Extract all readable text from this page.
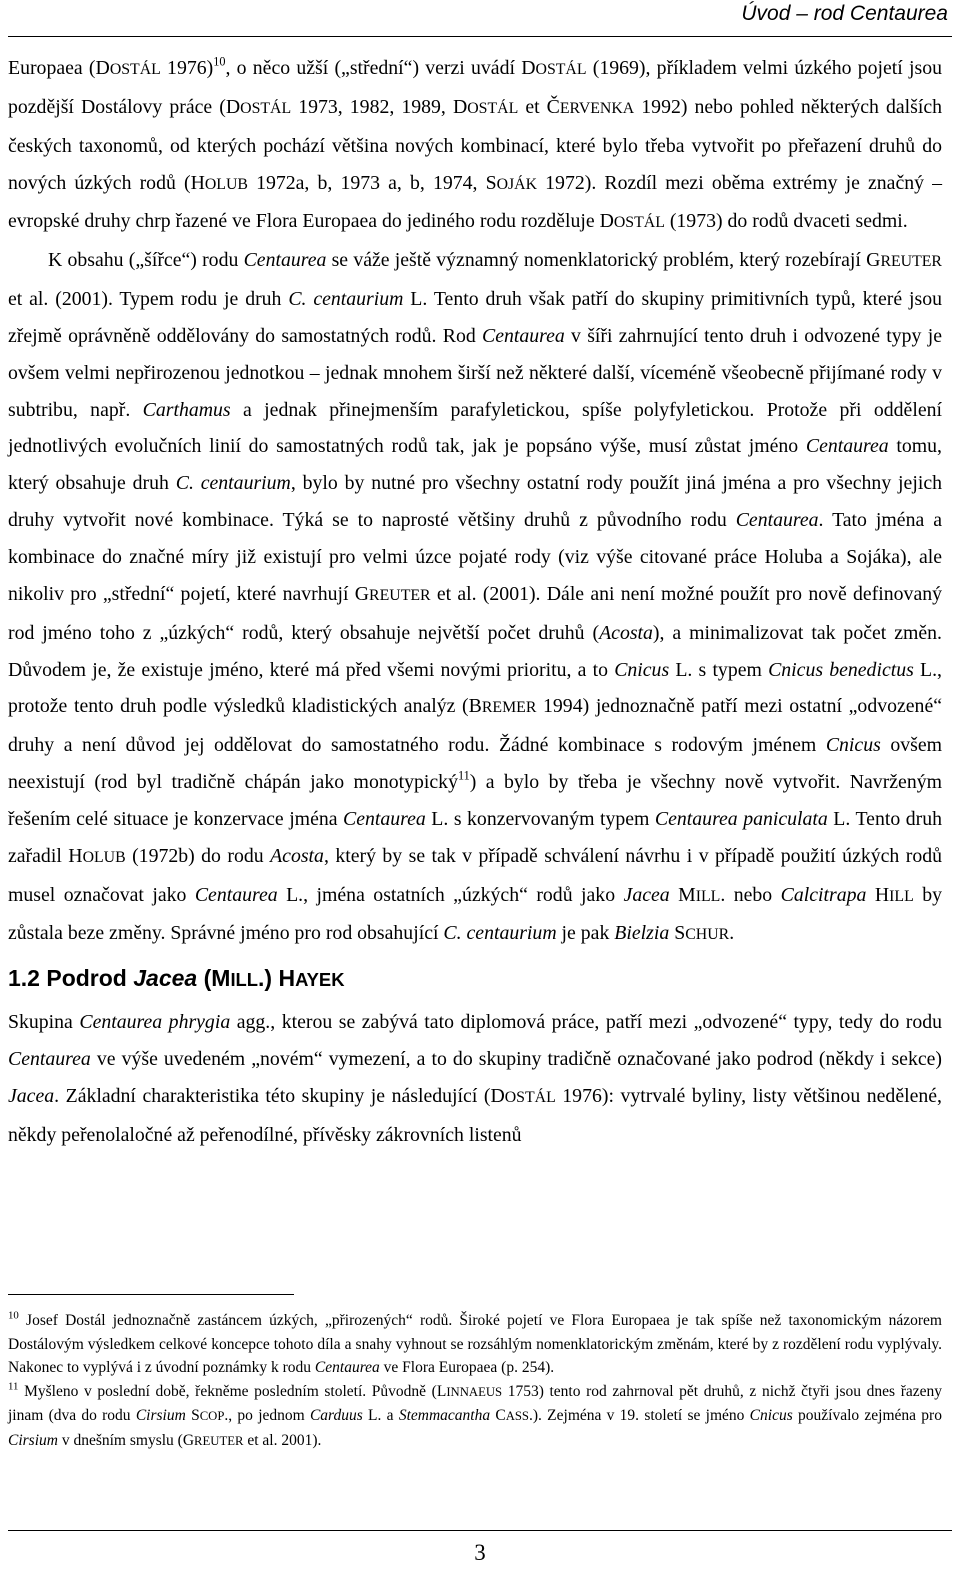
Úvod – rod Centaurea

Europaea (DOSTÁL 1976)$^{10}$, o něco užší („střední“) verzi uvádí DOSTÁL (1969), příkladem velmi úzkého pojetí jsou pozdější Dostálovy práce (DOSTÁL 1973, 1982, 1989, DOSTÁL et ČERVENKA 1992) nebo pohled některých dalších českých taxonomů, od kterých pochází většina nových kombinací, které bylo třeba vytvořit po přeřazení druhů do nových úzkých rodů (HOLUB 1972a, b, 1973 a, b, 1974, SOJÁK 1972). Rozdíl mezi oběma extrémy je značný – evropské druhy chrp řazené ve Flora Europaea do jediného rodu rozděluje DOSTÁL (1973) do rodů dvaceti sedmi.

K obsahu („šířce“) rodu Centaurea se váže ještě významný nomenklatorický problém, který rozebírají GREUTER et al. (2001). Typem rodu je druh C. centaurium L. Tento druh však patří do skupiny primitivních typů, které jsou zřejmě oprávněně oddělovány do samostatných rodů. Rod Centaurea v šíři zahrnující tento druh i odvozené typy je ovšem velmi nepřirozenou jednotkou – jednak mnohem širší než některé další, víceméně všeobecně přijímané rody v subtribu, např. Carthamus a jednak přinejmenším parafyletickou, spíše polyfyletickou. Protože při oddělení jednotlivých evolučních linií do samostatných rodů tak, jak je popsáno výše, musí zůstat jméno Centaurea tomu, který obsahuje druh C. centaurium, bylo by nutné pro všechny ostatní rody použít jiná jména a pro všechny jejich druhy vytvořit nové kombinace. Týká se to naprosté většiny druhů z původního rodu Centaurea. Tato jména a kombinace do značné míry již existují pro velmi úzce pojaté rody (viz výše citované práce Holuba a Sojáka), ale nikoliv pro „střední“ pojetí, které navrhují GREUTER et al. (2001). Dále ani není možné použít pro nově definovaný rod jméno toho z „úzkých“ rodů, který obsahuje největší počet druhů (Acosta), a minimalizovat tak počet změn. Důvodem je, že existuje jméno, které má před všemi novými prioritu, a to Cnicus L. s typem Cnicus benedictus L., protože tento druh podle výsledků kladistických analýz (BREMER 1994) jednoznačně patří mezi ostatní „odvozené“ druhy a není důvod jej oddělovat do samostatného rodu. Žádné kombinace s rodovým jménem Cnicus ovšem neexistují (rod byl tradičně chápán jako monotypický$^{11}$) a bylo by třeba je všechny nově vytvořit. Navrženým řešením celé situace je konzervace jména Centaurea L. s konzervovaným typem Centaurea paniculata L. Tento druh zařadil HOLUB (1972b) do rodu Acosta, který by se tak v případě schválení návrhu i v případě použití úzkých rodů musel označovat jako Centaurea L., jména ostatních „úzkých“ rodů jako Jacea MILL. nebo Calcitrapa HILL by zůstala beze změny. Správné jméno pro rod obsahující C. centaurium je pak Bielzia SCHUR.

1.2 Podrod Jacea (MILL.) HAYEK

Skupina Centaurea phrygia agg., kterou se zabývá tato diplomová práce, patří mezi „odvozené“ typy, tedy do rodu Centaurea ve výše uvedeném „novém“ vymezení, a to do skupiny tradičně označované jako podrod (někdy i sekce) Jacea. Základní charakteristika této skupiny je následující (DOSTÁL 1976): vytrvalé byliny, listy většinou nedělené, někdy peřenolaločné až peřenodílné, přívěsky zákrovních listenů

$^{10}$ Josef Dostál jednoznačně zastáncem úzkých, „přirozených“ rodů. Široké pojetí ve Flora Europaea je tak spíše než taxonomickým názorem Dostálovým výsledkem celkové koncepce tohoto díla a snahy vyhnout se rozsáhlým nomenklatorickým změnám, které by z rozdělení rodu vyplývaly. Nakonec to vyplývá i z úvodní poznámky k rodu Centaurea ve Flora Europaea (p. 254).

$^{11}$ Myšleno v poslední době, řekněme posledním století. Původně (LINNAEUS 1753) tento rod zahrnoval pět druhů, z nichž čtyři jsou dnes řazeny jinam (dva do rodu Cirsium SCOP., po jednom Carduus L. a Stemmacantha CASS.). Zejména v 19. století se jméno Cnicus používalo zejména pro Cirsium v dnešním smyslu (GREUTER et al. 2001).

3
